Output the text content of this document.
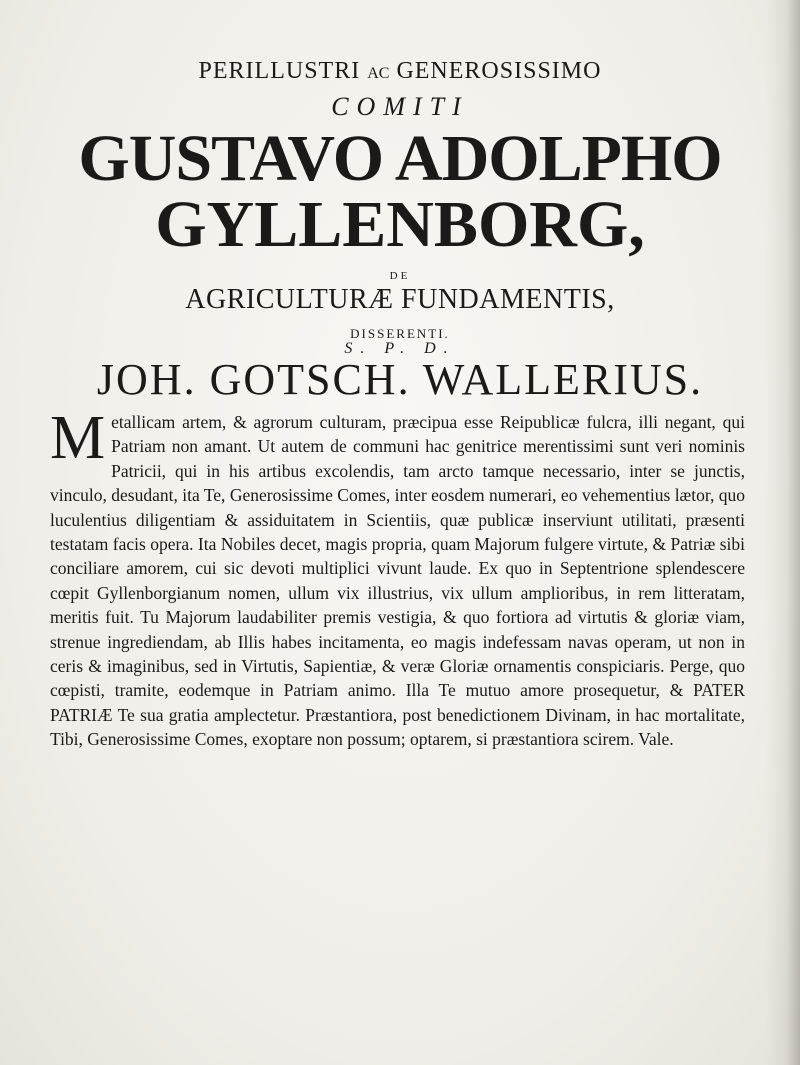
PERILLUSTRI AC GENEROSISSIMO
COMITI
GUSTAVO ADOLPHO
GYLLENBORG,
DE
AGRICULTURÆ FUNDAMENTIS,
DISSERENTI.
S. P. D.
JOH. GOTSCH. WALLERIUS.
M etallicam artem, & agrorum culturam, præcipua esse Reipublicæ fulcra, illi negant, qui Patriam non amant. Ut autem de communi hac genitrice merentissimi sunt veri nominis Patricii, qui in his artibus excolendis, tam arcto tamque necessario, inter se junctis, vinculo, desudant, ita Te, Generosissime Comes, inter eosdem numerari, eo vehementius lætor, quo luculentius diligentiam & assiduitatem in Scientiis, quæ publicæ inserviunt utilitati, præsenti testatam facis opera. Ita Nobiles decet, magis propria, quam Majorum fulgere virtute, & Patriæ sibi conciliare amorem, cui sic devoti multiplici vivunt laude. Ex quo in Septentrione splendescere cœpit Gyllenborgianum nomen, ullum vix illustrius, vix ullum amplioribus, in rem litteratam, meritis fuit. Tu Majorum laudabiliter premis vestigia, & quo fortiora ad virtutis & gloriæ viam, strenue ingrediendam, ab Illis habes incitamenta, eo magis indefessam navas operam, ut non in ceris & imaginibus, sed in Virtutis, Sapientiæ, & veræ Gloriæ ornamentis conspiciaris. Perge, quo cœpisti, tramite, eodemque in Patriam animo. Illa Te mutuo amore prosequetur, & PATER PATRIÆ Te sua gratia amplectetur. Præstantiora, post benedictionem Divinam, in hac mortalitate, Tibi, Generosissime Comes, exoptare non possum; optarem, si præstantiora scirem. Vale.
